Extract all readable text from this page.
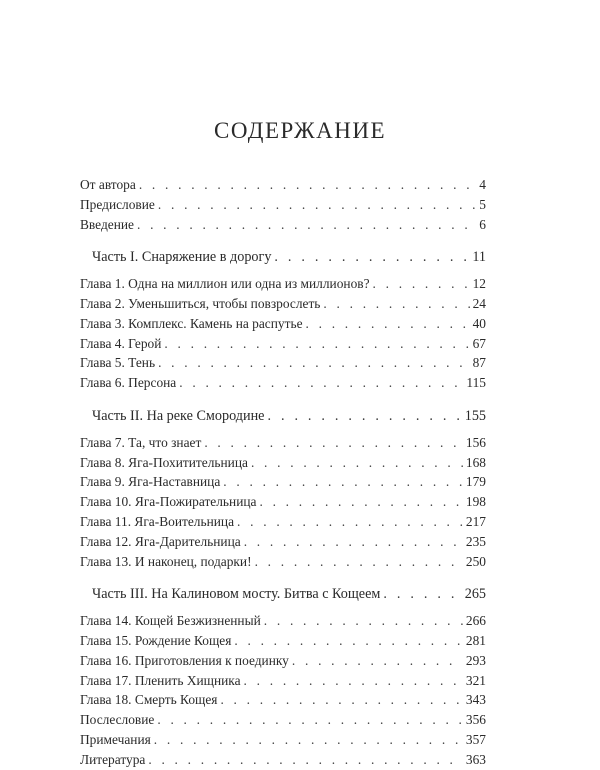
СОДЕРЖАНИЕ
От автора . . .	4
Предисловие . . .	5
Введение . . .	6
Часть I. Снаряжение в дорогу . . .	11
Глава 1. Одна на миллион или одна из миллионов? . . .	12
Глава 2. Уменьшиться, чтобы повзрослеть . . .	24
Глава 3. Комплекс. Камень на распутье . . .	40
Глава 4. Герой . . .	67
Глава 5. Тень . . .	87
Глава 6. Персона . . .	115
Часть II. На реке Смородине . . .	155
Глава 7. Та, что знает . . .	156
Глава 8. Яга-Похитительница . . .	168
Глава 9. Яга-Наставница . . .	179
Глава 10. Яга-Пожирательница . . .	198
Глава 11. Яга-Воительница . . .	217
Глава 12. Яга-Дарительница . . .	235
Глава 13. И наконец, подарки! . . .	250
Часть III. На Калиновом мосту. Битва с Кощеем . . .	265
Глава 14. Кощей Безжизненный . . .	266
Глава 15. Рождение Кощея . . .	281
Глава 16. Приготовления к поединку . . .	293
Глава 17. Пленить Хищника . . .	321
Глава 18. Смерть Кощея . . .	343
Послесловие . . .	356
Примечания . . .	357
Литература . . .	363
